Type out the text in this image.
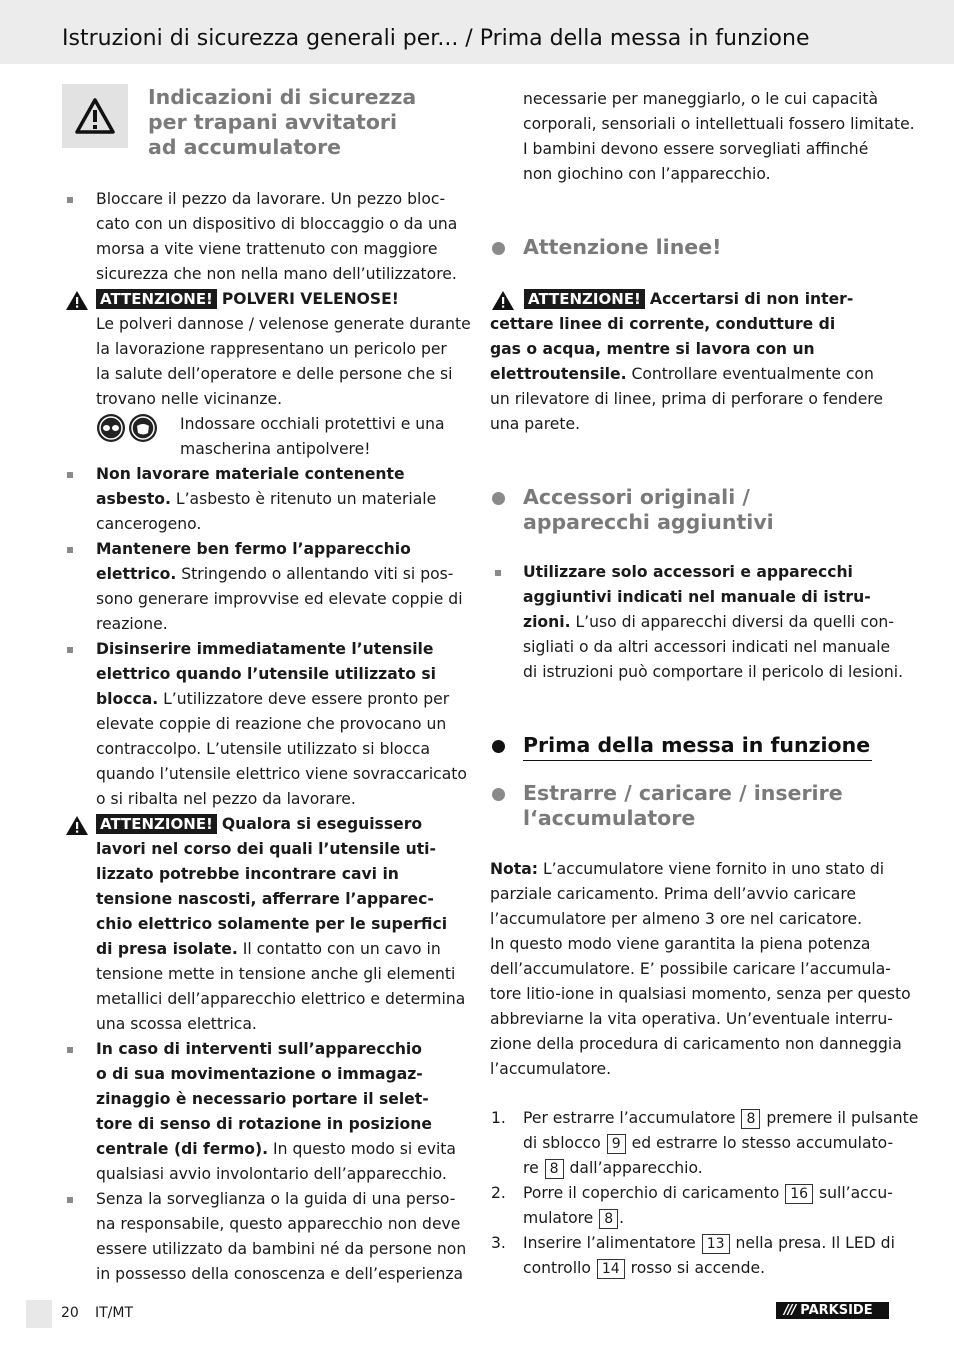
Istruzioni di sicurezza generali per... / Prima della messa in funzione
Indicazioni di sicurezza
per trapani avvitatori
ad accumulatore
Bloccare il pezzo da lavorare. Un pezzo bloc-
cato con un dispositivo di bloccaggio o da una
morsa a vite viene trattenuto con maggiore
sicurezza che non nella mano dell’utilizzatore.
ATTENZIONE! POLVERI VELENOSE!
Le polveri dannose / velenose generate durante
la lavorazione rappresentano un pericolo per
la salute dell’operatore e delle persone che si
trovano nelle vicinanze.
Indossare occhiali protettivi e una
mascherina antipolvere!
Non lavorare materiale contenente
asbesto. L’asbesto è ritenuto un materiale
cancerogeno.
Mantenere ben fermo l’apparecchio
elettrico. Stringendo o allentando viti si pos-
sono generare improvvise ed elevate coppie di
reazione.
Disinserire immediatamente l’utensile
elettrico quando l’utensile utilizzato si
blocca. L’utilizzatore deve essere pronto per
elevate coppie di reazione che provocano un
contraccolpo. L’utensile utilizzato si blocca
quando l’utensile elettrico viene sovraccaricato
o si ribalta nel pezzo da lavorare.
ATTENZIONE! Qualora si eseguissero
lavori nel corso dei quali l’utensile uti-
lizzato potrebbe incontrare cavi in
tensione nascosti, afferrare l’apparec-
chio elettrico solamente per le superfici
di presa isolate. Il contatto con un cavo in
tensione mette in tensione anche gli elementi
metallici dell’apparecchio elettrico e determina
una scossa elettrica.
In caso di interventi sull’apparecchio
o di sua movimentazione o immagaz-
zinaggio è necessario portare il selet-
tore di senso di rotazione in posizione
centrale (di fermo). In questo modo si evita
qualsiasi avvio involontario dell’apparecchio.
Senza la sorveglianza o la guida di una perso-
na responsabile, questo apparecchio non deve
essere utilizzato da bambini né da persone non
in possesso della conoscenza e dell’esperienza
necessarie per maneggiarlo, o le cui capacità
corporali, sensoriali o intellettuali fossero limitate.
I bambini devono essere sorvegliati affinché
non giochino con l’apparecchio.
Attenzione linee!
ATTENZIONE! Accertarsi di non inter-
cettare linee di corrente, condutture di
gas o acqua, mentre si lavora con un
elettroutensile. Controllare eventualmente con
un rilevatore di linee, prima di perforare o fendere
una parete.
Accessori originali /
apparecchi aggiuntivi
Utilizzare solo accessori e apparecchi
aggiuntivi indicati nel manuale di istru-
zioni. L’uso di apparecchi diversi da quelli con-
sigliati o da altri accessori indicati nel manuale
di istruzioni può comportare il pericolo di lesioni.
Prima della messa in funzione
Estrarre / caricare / inserire
l‘accumulatore
Nota: L’accumulatore viene fornito in uno stato di
parziale caricamento. Prima dell’avvio caricare
l’accumulatore per almeno 3 ore nel caricatore.
In questo modo viene garantita la piena potenza
dell’accumulatore. E’ possibile caricare l’accumula-
tore litio-ione in qualsiasi momento, senza per questo
abbreviarne la vita operativa. Un’eventuale interru-
zione della procedura di caricamento non danneggia
l’accumulatore.
1. Per estrarre l’accumulatore 8 premere il pulsante
di sblocco 9 ed estrarre lo stesso accumulato-
re 8 dall’apparecchio.
2. Porre il coperchio di caricamento 16 sull’accu-
mulatore 8 .
3. Inserire l’alimentatore 13 nella presa. Il LED di
controllo 14 rosso si accende.
20 IT/MT	/// PARKSIDE
